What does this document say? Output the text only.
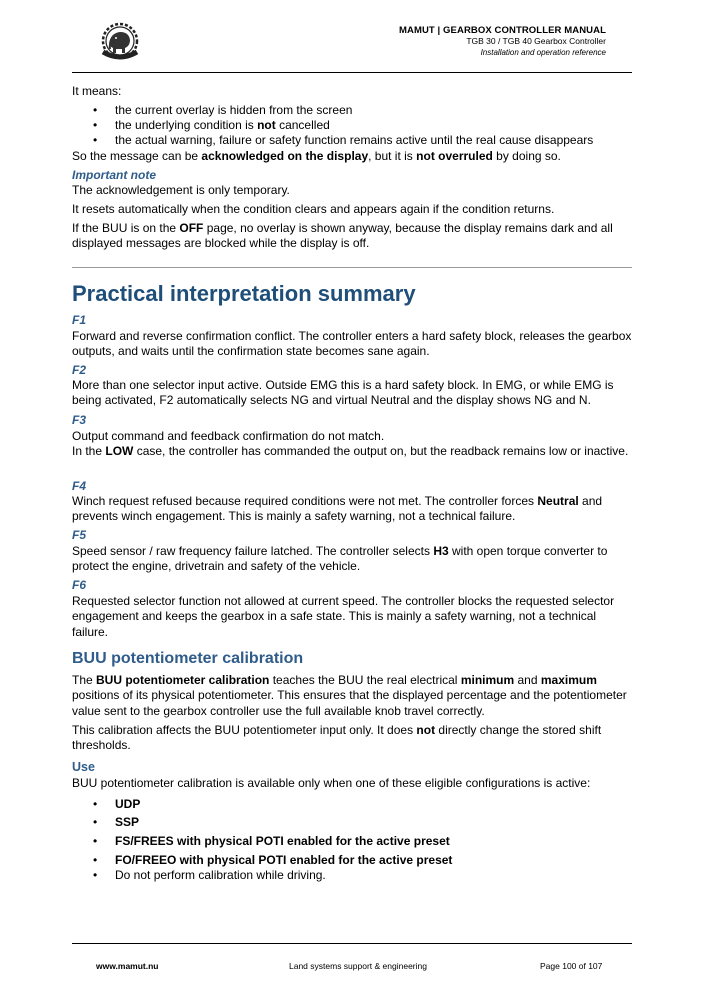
MAMUT | GEARBOX CONTROLLER MANUAL
TGB 30 / TGB 40 Gearbox Controller
Installation and operation reference

It means:

• the current overlay is hidden from the screen

• the underlying condition is not cancelled

• the actual warning, failure or safety function remains active until the real cause disappears

So the message can be acknowledged on the display, but it is not overruled by doing so.

Important note

The acknowledgement is only temporary.

It resets automatically when the condition clears and appears again if the condition returns.

If the BUU is on the OFF page, no overlay is shown anyway, because the display remains dark and all displayed messages are blocked while the display is off.

Practical interpretation summary
F1

Forward and reverse confirmation conflict. The controller enters a hard safety block, releases the gearbox outputs, and waits until the confirmation state becomes sane again.

F2

More than one selector input active. Outside EMG this is a hard safety block. In EMG, or while EMG is being activated, F2 automatically selects NG and virtual Neutral and the display shows NG and N.

F3

Output command and feedback confirmation do not match.

In the LOW case, the controller has commanded the output on, but the readback remains low or inactive.

F4

Winch request refused because required conditions were not met. The controller forces Neutral and prevents winch engagement. This is mainly a safety warning, not a technical failure.

F5

Speed sensor / raw frequency failure latched. The controller selects H3 with open torque converter to protect the engine, drivetrain and safety of the vehicle.

F6

Requested selector function not allowed at current speed. The controller blocks the requested selector engagement and keeps the gearbox in a safe state. This is mainly a safety warning, not a technical failure.

BUU potentiometer calibration

The BUU potentiometer calibration teaches the BUU the real electrical minimum and maximum positions of its physical potentiometer. This ensures that the displayed percentage and the potentiometer value sent to the gearbox controller use the full available knob travel correctly.

This calibration affects the BUU potentiometer input only. It does not directly change the stored shift thresholds.

Use

BUU potentiometer calibration is available only when one of these eligible configurations is active:

• UDP

• SSP

• FS/FREES with physical POTI enabled for the active preset

• FO/FREEO with physical POTI enabled for the active preset

• Do not perform calibration while driving.

www.mamut.nu	Land systems support & engineering	Page 100 of 107
